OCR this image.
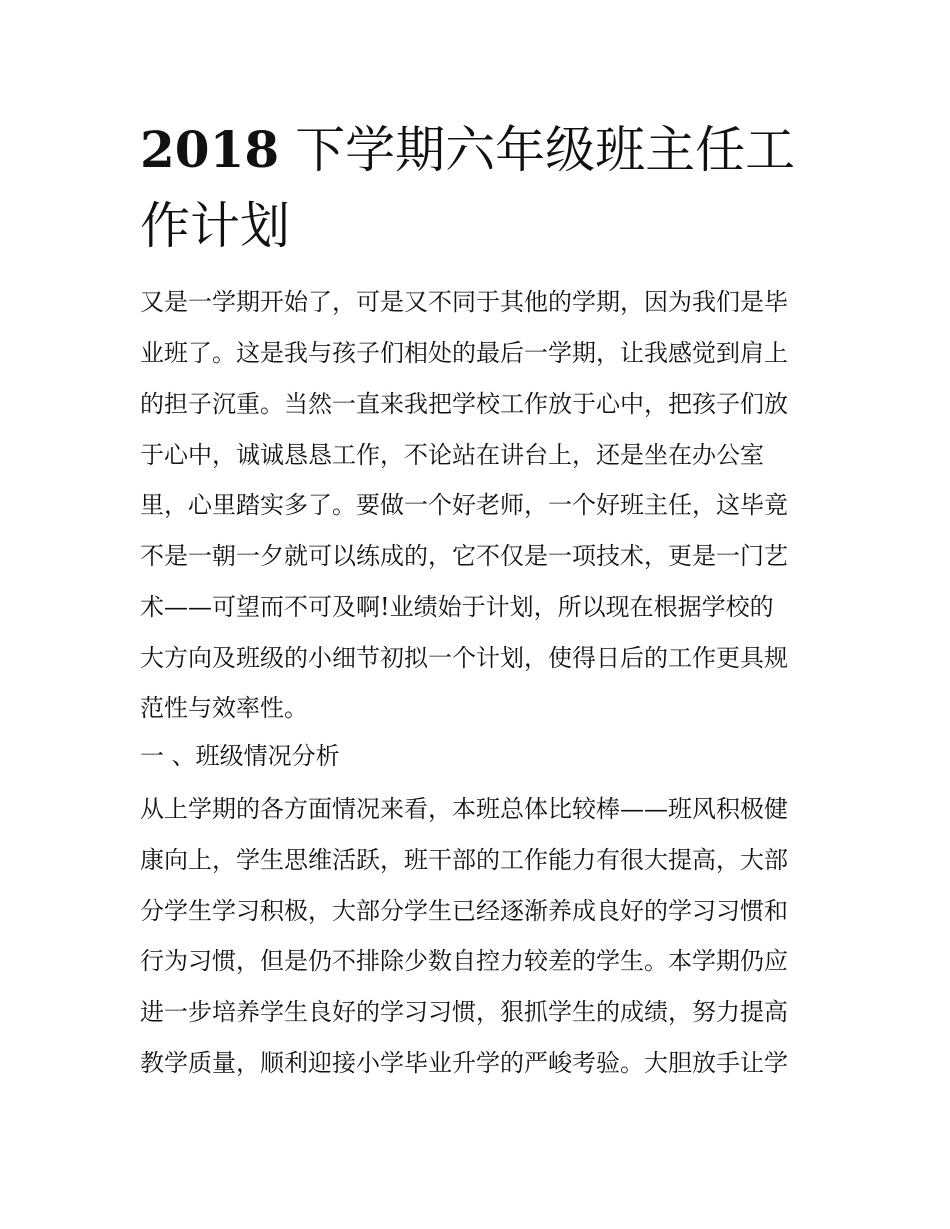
2018 下学期六年级班主任工作计划

又是一学期开始了，可是又不同于其他的学期，因为我们是毕

业班了。这是我与孩子们相处的最后一学期，让我感觉到肩上

的担子沉重。当然一直来我把学校工作放于心中，把孩子们放

于心中，诚诚恳恳工作，不论站在讲台上，还是坐在办公室

里，心里踏实多了。要做一个好老师，一个好班主任，这毕竟

不是一朝一夕就可以练成的，它不仅是一项技术，更是一门艺

术——可望而不可及啊!业绩始于计划，所以现在根据学校的

大方向及班级的小细节初拟一个计划，使得日后的工作更具规

范性与效率性。

一 、班级情况分析

从上学期的各方面情况来看，本班总体比较棒——班风积极健

康向上，学生思维活跃，班干部的工作能力有很大提高，大部

分学生学习积极，大部分学生已经逐渐养成良好的学习习惯和

行为习惯，但是仍不排除少数自控力较差的学生。本学期仍应

进一步培养学生良好的学习习惯，狠抓学生的成绩，努力提高

教学质量，顺利迎接小学毕业升学的严峻考验。大胆放手让学
